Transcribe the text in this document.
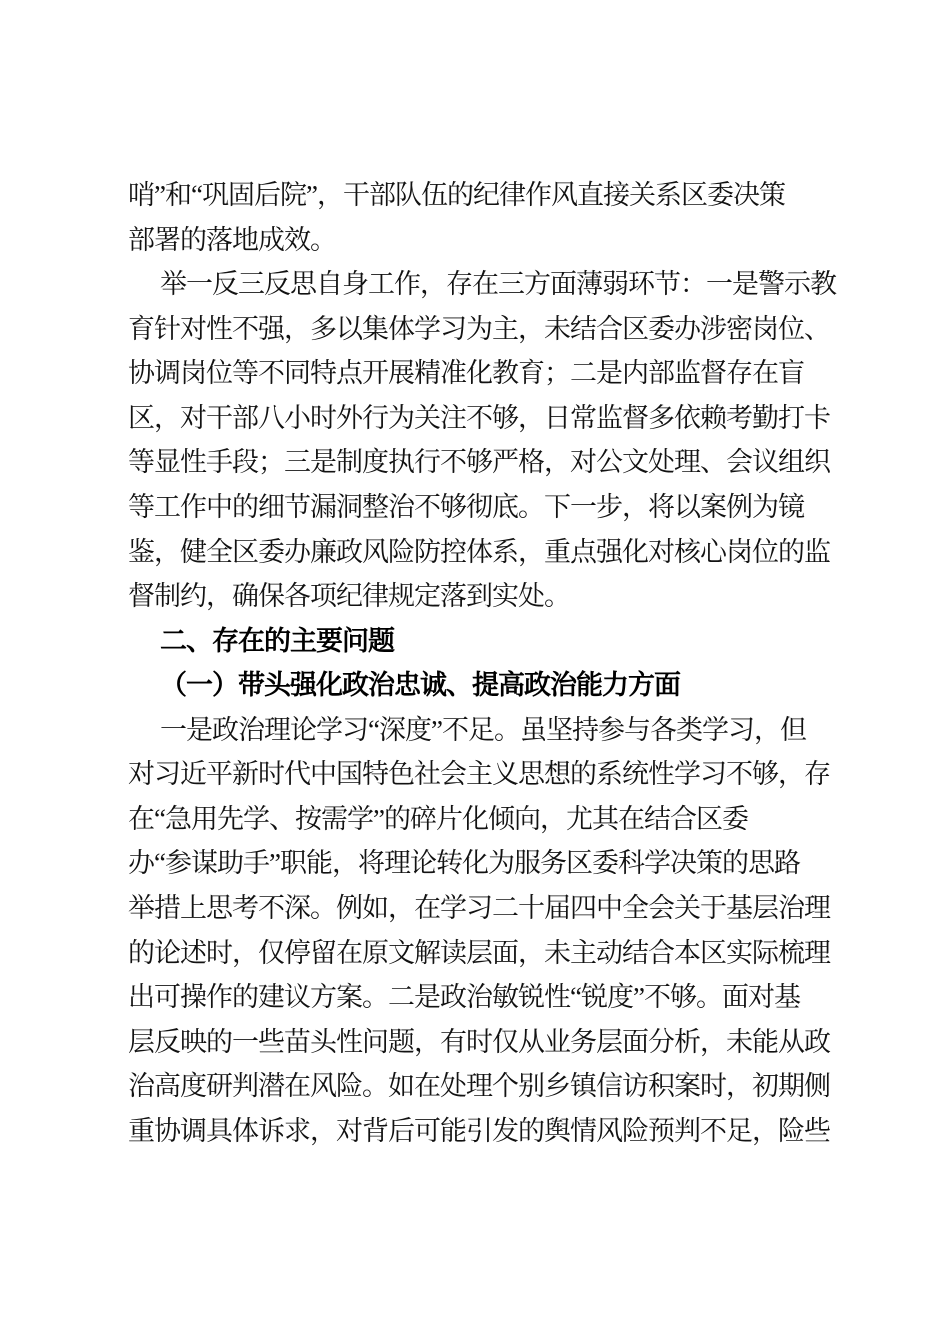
哨”和“巩固后院”，干部队伍的纪律作风直接关系区委决策
部署的落地成效。
举一反三反思自身工作，存在三方面薄弱环节：一是警示教
育针对性不强，多以集体学习为主，未结合区委办涉密岗位、
协调岗位等不同特点开展精准化教育；二是内部监督存在盲
区，对干部八小时外行为关注不够，日常监督多依赖考勤打卡
等显性手段；三是制度执行不够严格，对公文处理、会议组织
等工作中的细节漏洞整治不够彻底。下一步，将以案例为镜
鉴，健全区委办廉政风险防控体系，重点强化对核心岗位的监
督制约，确保各项纪律规定落到实处。
二、存在的主要问题
（一）带头强化政治忠诚、提高政治能力方面
一是政治理论学习“深度”不足。虽坚持参与各类学习，但
对习近平新时代中国特色社会主义思想的系统性学习不够，存
在“急用先学、按需学”的碎片化倾向，尤其在结合区委
办“参谋助手”职能，将理论转化为服务区委科学决策的思路
举措上思考不深。例如，在学习二十届四中全会关于基层治理
的论述时，仅停留在原文解读层面，未主动结合本区实际梳理
出可操作的建议方案。二是政治敏锐性“锐度”不够。面对基
层反映的一些苗头性问题，有时仅从业务层面分析，未能从政
治高度研判潜在风险。如在处理个别乡镇信访积案时，初期侧
重协调具体诉求，对背后可能引发的舆情风险预判不足，险些
